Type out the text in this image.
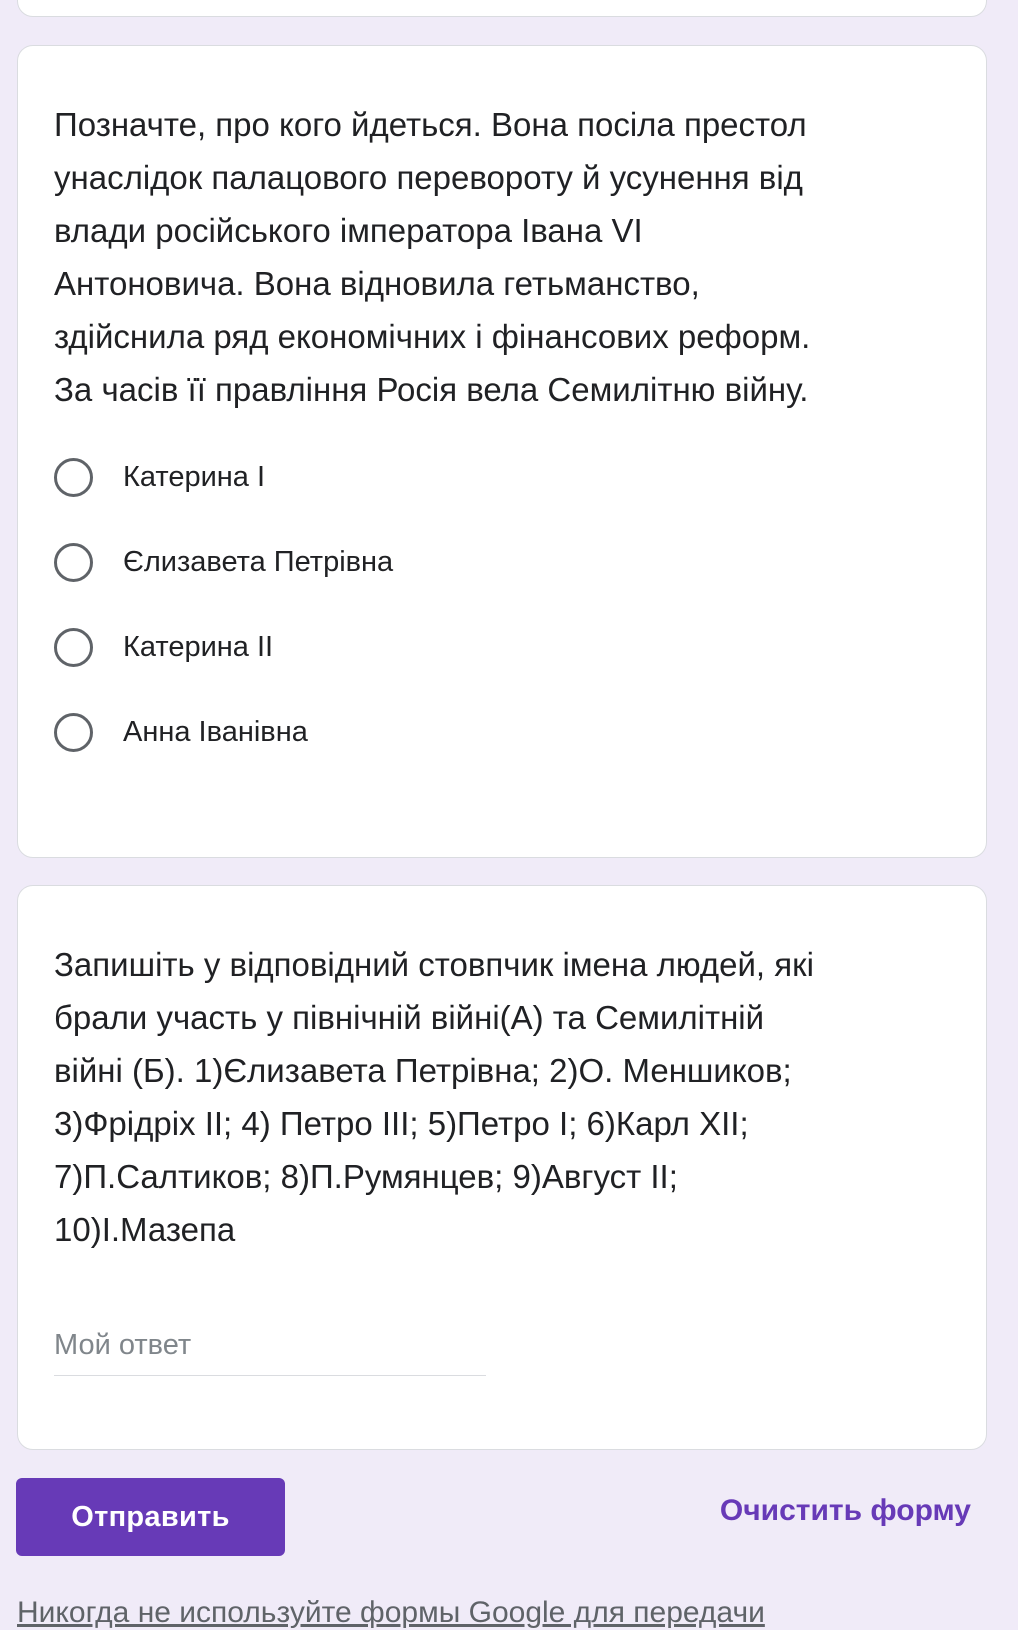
Позначте, про кого йдеться. Вона посіла престол
унаслідок палацового перевороту й усунення від
влади російського імператора Івана VI
Антоновича. Вона відновила гетьманство,
здійснила ряд економічних і фінансових реформ.
За часів її правління Росія вела Семилітню війну.
Катерина I
Єлизавета Петрівна
Катерина II
Анна Іванівна
Запишіть у відповідний стовпчик імена людей, які
брали участь у північній війні(А) та Семилітній
війні (Б). 1)Єлизавета Петрівна; 2)О. Меншиков;
3)Фрідріх II; 4) Петро III; 5)Петро I; 6)Карл XII;
7)П.Салтиков; 8)П.Румянцев; 9)Август II;
10)І.Мазепа
Мой ответ
Отправить	Очистить форму
Никогда не используйте формы Google для передачи
